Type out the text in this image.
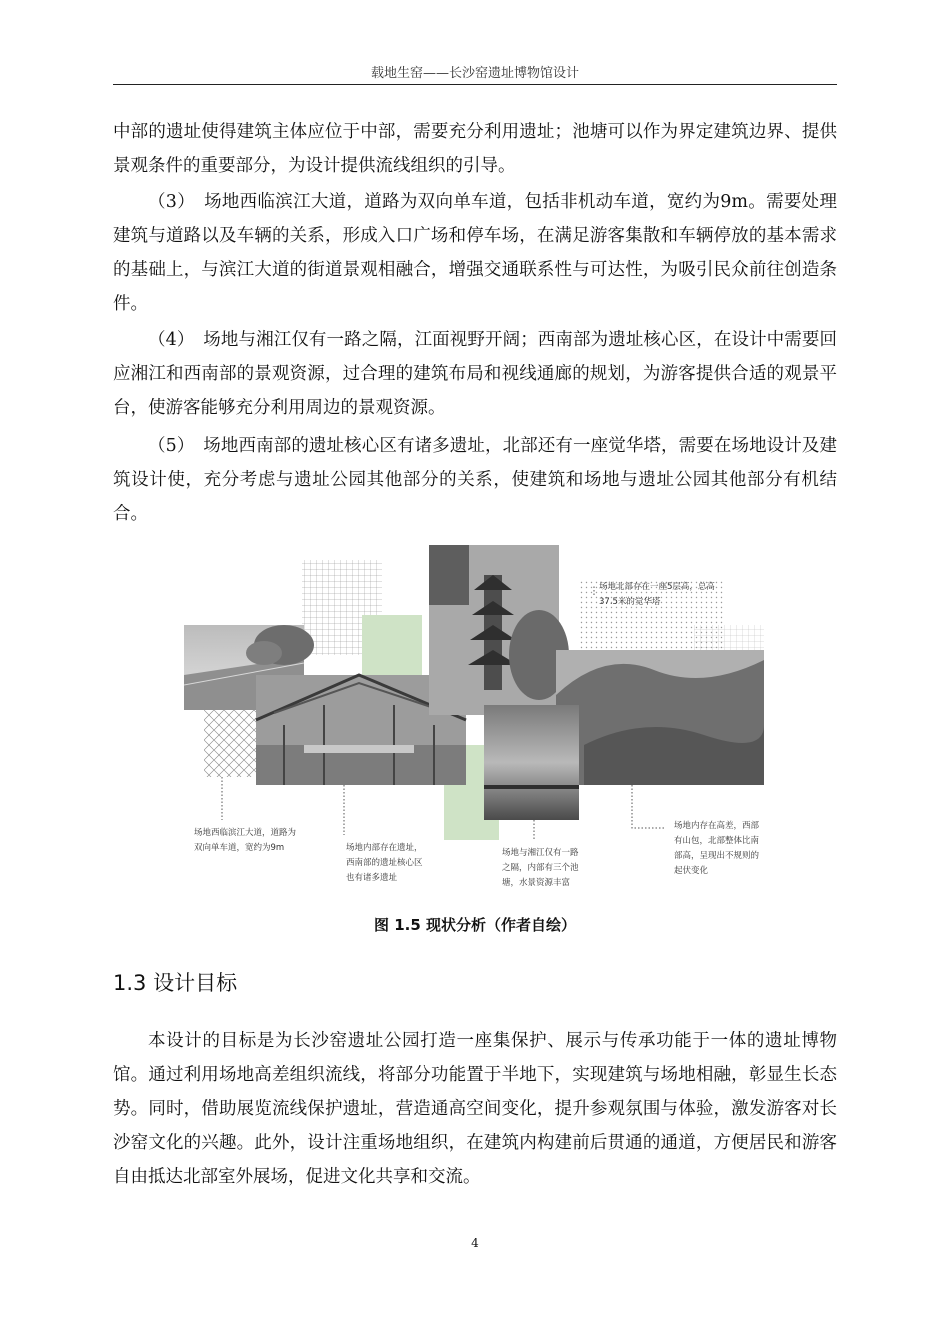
载地生窑——长沙窑遗址博物馆设计

中部的遗址使得建筑主体应位于中部，需要充分利用遗址；池塘可以作为界定建筑边界、提供景观条件的重要部分，为设计提供流线组织的引导。

（3）　场地西临滨江大道，道路为双向单车道，包括非机动车道，宽约为9m。需要处理建筑与道路以及车辆的关系，形成入口广场和停车场，在满足游客集散和车辆停放的基本需求的基础上，与滨江大道的街道景观相融合，增强交通联系性与可达性，为吸引民众前往创造条件。

（4）　场地与湘江仅有一路之隔，江面视野开阔；西南部为遗址核心区，在设计中需要回应湘江和西南部的景观资源，过合理的建筑布局和视线通廊的规划，为游客提供合适的观景平台，使游客能够充分利用周边的景观资源。

（5）　场地西南部的遗址核心区有诸多遗址，北部还有一座觉华塔，需要在场地设计及建筑设计使，充分考虑与遗址公园其他部分的关系，使建筑和场地与遗址公园其他部分有机结合。

场地西临滨江大道，道路为 双向单车道，宽约为9m	场地内部存在遗址， 西南部的遗址核心区 也有诸多遗址
场地与湘江仅有一路 之隔，内部有三个池 塘，水景资源丰富
场地北部存在一座5层高，总高 37.5米的觉华塔
场地内存在高差，西部 有山包，北部整体比南 部高，呈现出不规则的 起伏变化
图 1.5 现状分析（作者自绘）
1.3 设计目标

本设计的目标是为长沙窑遗址公园打造一座集保护、展示与传承功能于一体的遗址博物馆。通过利用场地高差组织流线，将部分功能置于半地下，实现建筑与场地相融，彰显生长态势。同时，借助展览流线保护遗址，营造通高空间变化，提升参观氛围与体验，激发游客对长沙窑文化的兴趣。此外，设计注重场地组织，在建筑内构建前后贯通的通道，方便居民和游客自由抵达北部室外展场，促进文化共享和交流。

4
